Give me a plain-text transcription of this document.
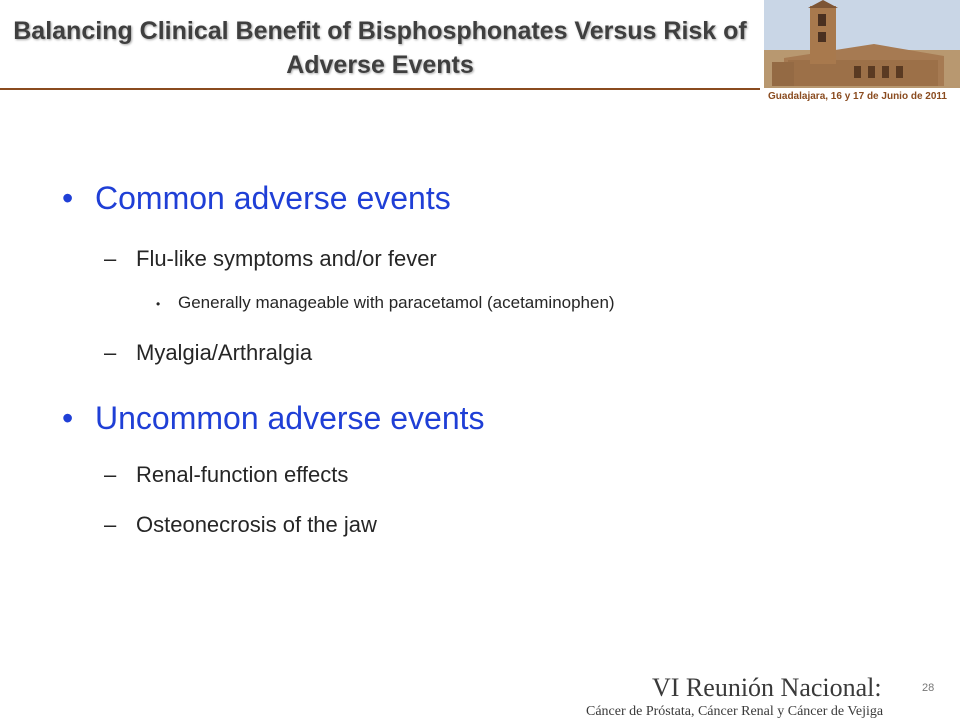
Balancing Clinical Benefit of Bisphosphonates Versus Risk of Adverse Events
Guadalajara, 16 y 17 de Junio de 2011
• Common adverse events
– Flu-like symptoms and/or fever
• Generally manageable with paracetamol (acetaminophen)
– Myalgia/Arthralgia
• Uncommon adverse events
– Renal-function effects
– Osteonecrosis of the jaw
VI Reunión Nacional:
Cáncer de Próstata, Cáncer Renal y Cáncer de Vejiga
28
